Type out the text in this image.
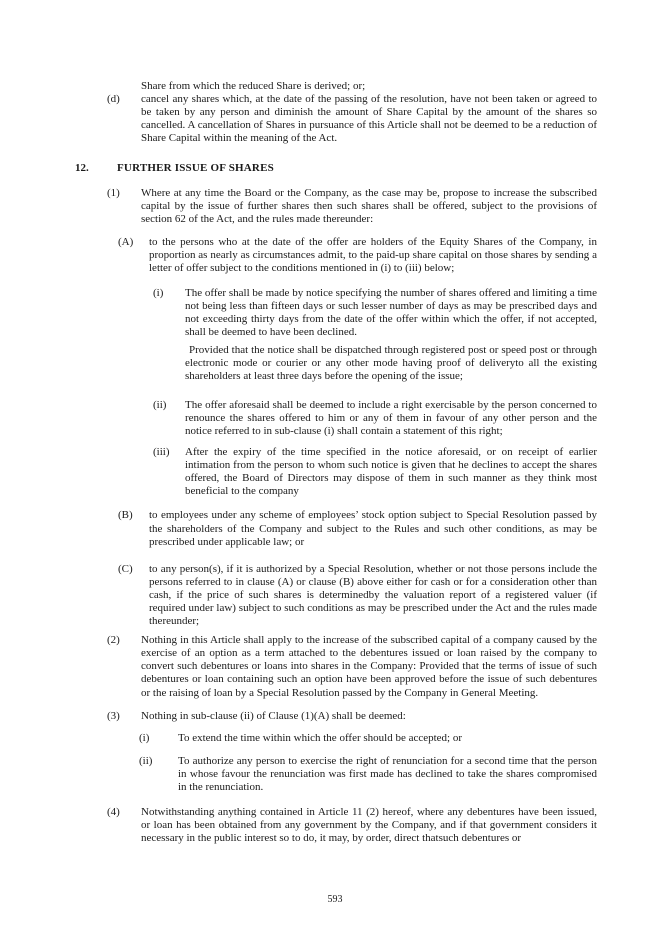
Share from which the reduced Share is derived; or;
(d)	cancel any shares which, at the date of the passing of the resolution, have not been taken or agreed to be taken by any person and diminish the amount of Share Capital by the amount of the shares so cancelled. A cancellation of Shares in pursuance of this Article shall not be deemed to be a reduction of Share Capital within the meaning of the Act.
12.	FURTHER ISSUE OF SHARES
(1)	Where at any time the Board or the Company, as the case may be, propose to increase the subscribed capital by the issue of further shares then such shares shall be offered, subject to the provisions of section 62 of the Act, and the rules made thereunder:
(A)	to the persons who at the date of the offer are holders of the Equity Shares of the Company, in proportion as nearly as circumstances admit, to the paid-up share capital on those shares by sending a letter of offer subject to the conditions mentioned in (i) to (iii) below;
(i)	The offer shall be made by notice specifying the number of shares offered and limiting a time not being less than fifteen days or such lesser number of days as may be prescribed days and not exceeding thirty days from the date of the offer within which the offer, if not accepted, shall be deemed to have been declined.
Provided that the notice shall be dispatched through registered post or speed post or through electronic mode or courier or any other mode having proof of deliveryto all the existing shareholders at least three days before the opening of the issue;
(ii)	The offer aforesaid shall be deemed to include a right exercisable by the person concerned to renounce the shares offered to him or any of them in favour of any other person and the notice referred to in sub-clause (i) shall contain a statement of this right;
(iii)	After the expiry of the time specified in the notice aforesaid, or on receipt of earlier intimation from the person to whom such notice is given that he declines to accept the shares offered, the Board of Directors may dispose of them in such manner as they think most beneficial to the company
(B)	to employees under any scheme of employees’ stock option subject to Special Resolution passed by the shareholders of the Company and subject to the Rules and such other conditions, as may be prescribed under applicable law; or
(C)	to any person(s), if it is authorized by a Special Resolution, whether or not those persons include the persons referred to in clause (A) or clause (B) above either for cash or for a consideration other than cash, if the price of such shares is determinedby the valuation report of a registered valuer (if required under law) subject to such conditions as may be prescribed under the Act and the rules made thereunder;
(2)	Nothing in this Article shall apply to the increase of the subscribed capital of a company caused by the exercise of an option as a term attached to the debentures issued or loan raised by the company to convert such debentures or loans into shares in the Company: Provided that the terms of issue of such debentures or loan containing such an option have been approved before the issue of such debentures or the raising of loan by a Special Resolution passed by the Company in General Meeting.
(3)	Nothing in sub-clause (ii) of Clause (1)(A) shall be deemed:
(i)	To extend the time within which the offer should be accepted; or
(ii)	To authorize any person to exercise the right of renunciation for a second time that the person in whose favour the renunciation was first made has declined to take the shares compromised in the renunciation.
(4)	Notwithstanding anything contained in Article 11 (2) hereof, where any debentures have been issued, or loan has been obtained from any government by the Company, and if that government considers it necessary in the public interest so to do, it may, by order, direct thatsuch debentures or
593
